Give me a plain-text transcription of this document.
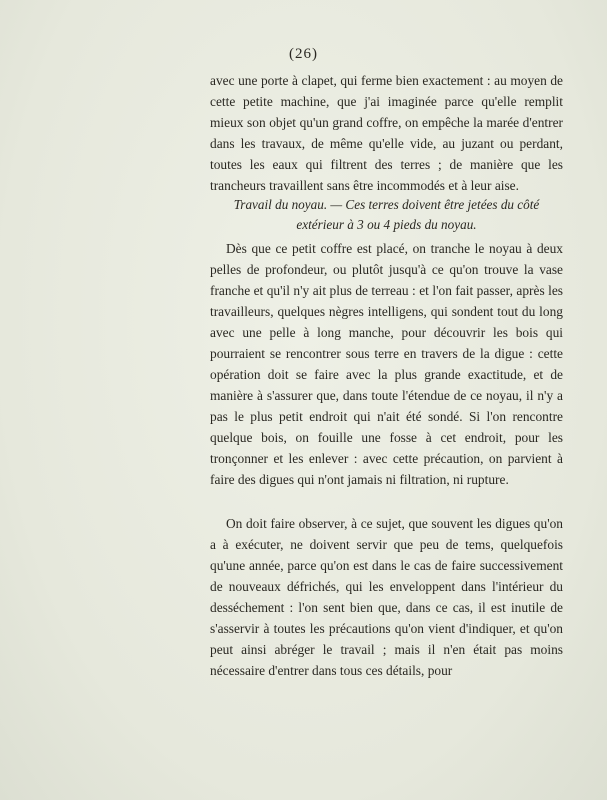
(26)

avec une porte à clapet, qui ferme bien exactement : au moyen de cette petite machine, que j'ai imaginée parce qu'elle remplit mieux son objet qu'un grand coffre, on empêche la marée d'entrer dans les travaux, de même qu'elle vide, au juzant ou perdant, toutes les eaux qui filtrent des terres ; de manière que les trancheurs travaillent sans être incommodés et à leur aise.

Travail du noyau. — Ces terres doivent être jetées du côté extérieur à 3 ou 4 pieds du noyau.

Dès que ce petit coffre est placé, on tranche le noyau à deux pelles de profondeur, ou plutôt jusqu'à ce qu'on trouve la vase franche et qu'il n'y ait plus de terreau : et l'on fait passer, après les travailleurs, quelques nègres intelligens, qui sondent tout du long avec une pelle à long manche, pour découvrir les bois qui pourraient se rencontrer sous terre en travers de la digue : cette opération doit se faire avec la plus grande exactitude, et de manière à s'assurer que, dans toute l'étendue de ce noyau, il n'y a pas le plus petit endroit qui n'ait été sondé. Si l'on rencontre quelque bois, on fouille une fosse à cet endroit, pour les tronçonner et les enlever : avec cette précaution, on parvient à faire des digues qui n'ont jamais ni filtration, ni rupture.

On doit faire observer, à ce sujet, que souvent les digues qu'on a à exécuter, ne doivent servir que peu de tems, quelquefois qu'une année, parce qu'on est dans le cas de faire successivement de nouveaux défrichés, qui les enveloppent dans l'intérieur du desséchement : l'on sent bien que, dans ce cas, il est inutile de s'asservir à toutes les précautions qu'on vient d'indiquer, et qu'on peut ainsi abréger le travail ; mais il n'en était pas moins nécessaire d'entrer dans tous ces détails, pour
